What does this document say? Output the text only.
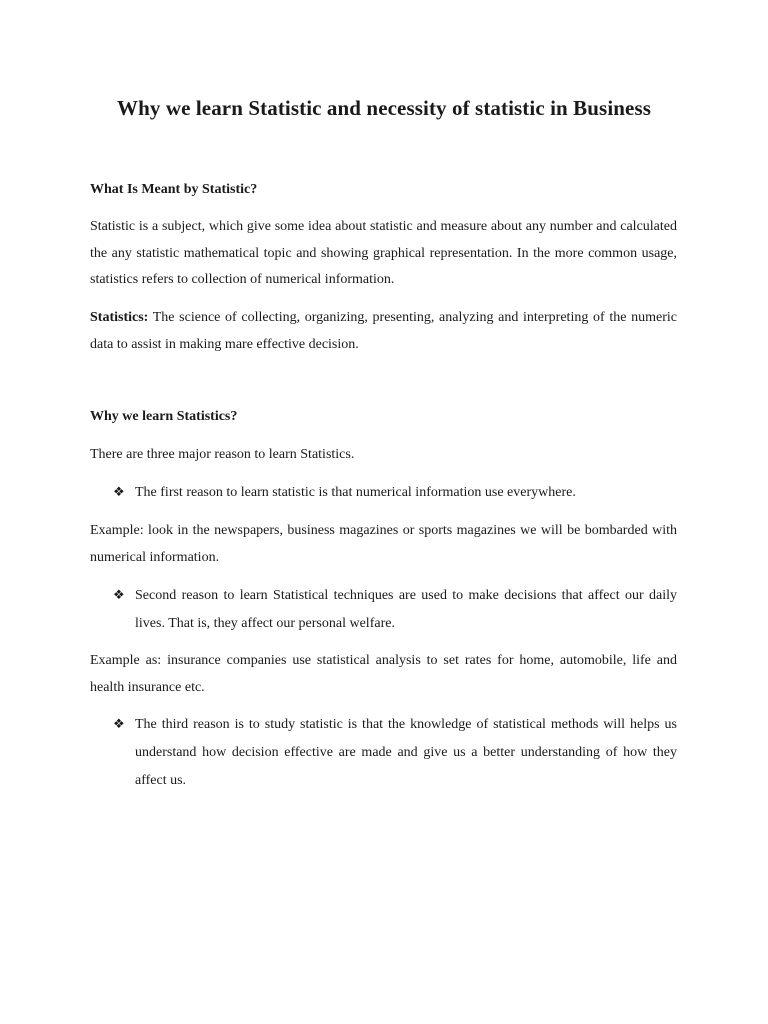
Why we learn Statistic and necessity of statistic in Business
What Is Meant by Statistic?
Statistic is a subject, which give some idea about statistic and measure about any number and calculated the any statistic mathematical topic and showing graphical representation. In the more common usage, statistics refers to collection of numerical information.
Statistics: The science of collecting, organizing, presenting, analyzing and interpreting of the numeric data to assist in making mare effective decision.
Why we learn Statistics?
There are three major reason to learn Statistics.
❖ The first reason to learn statistic is that numerical information use everywhere.
Example: look in the newspapers, business magazines or sports magazines we will be bombarded with numerical information.
❖ Second reason to learn Statistical techniques are used to make decisions that affect our daily lives. That is, they affect our personal welfare.
Example as: insurance companies use statistical analysis to set rates for home, automobile, life and health insurance etc.
❖ The third reason is to study statistic is that the knowledge of statistical methods will helps us understand how decision effective are made and give us a better understanding of how they affect us.
